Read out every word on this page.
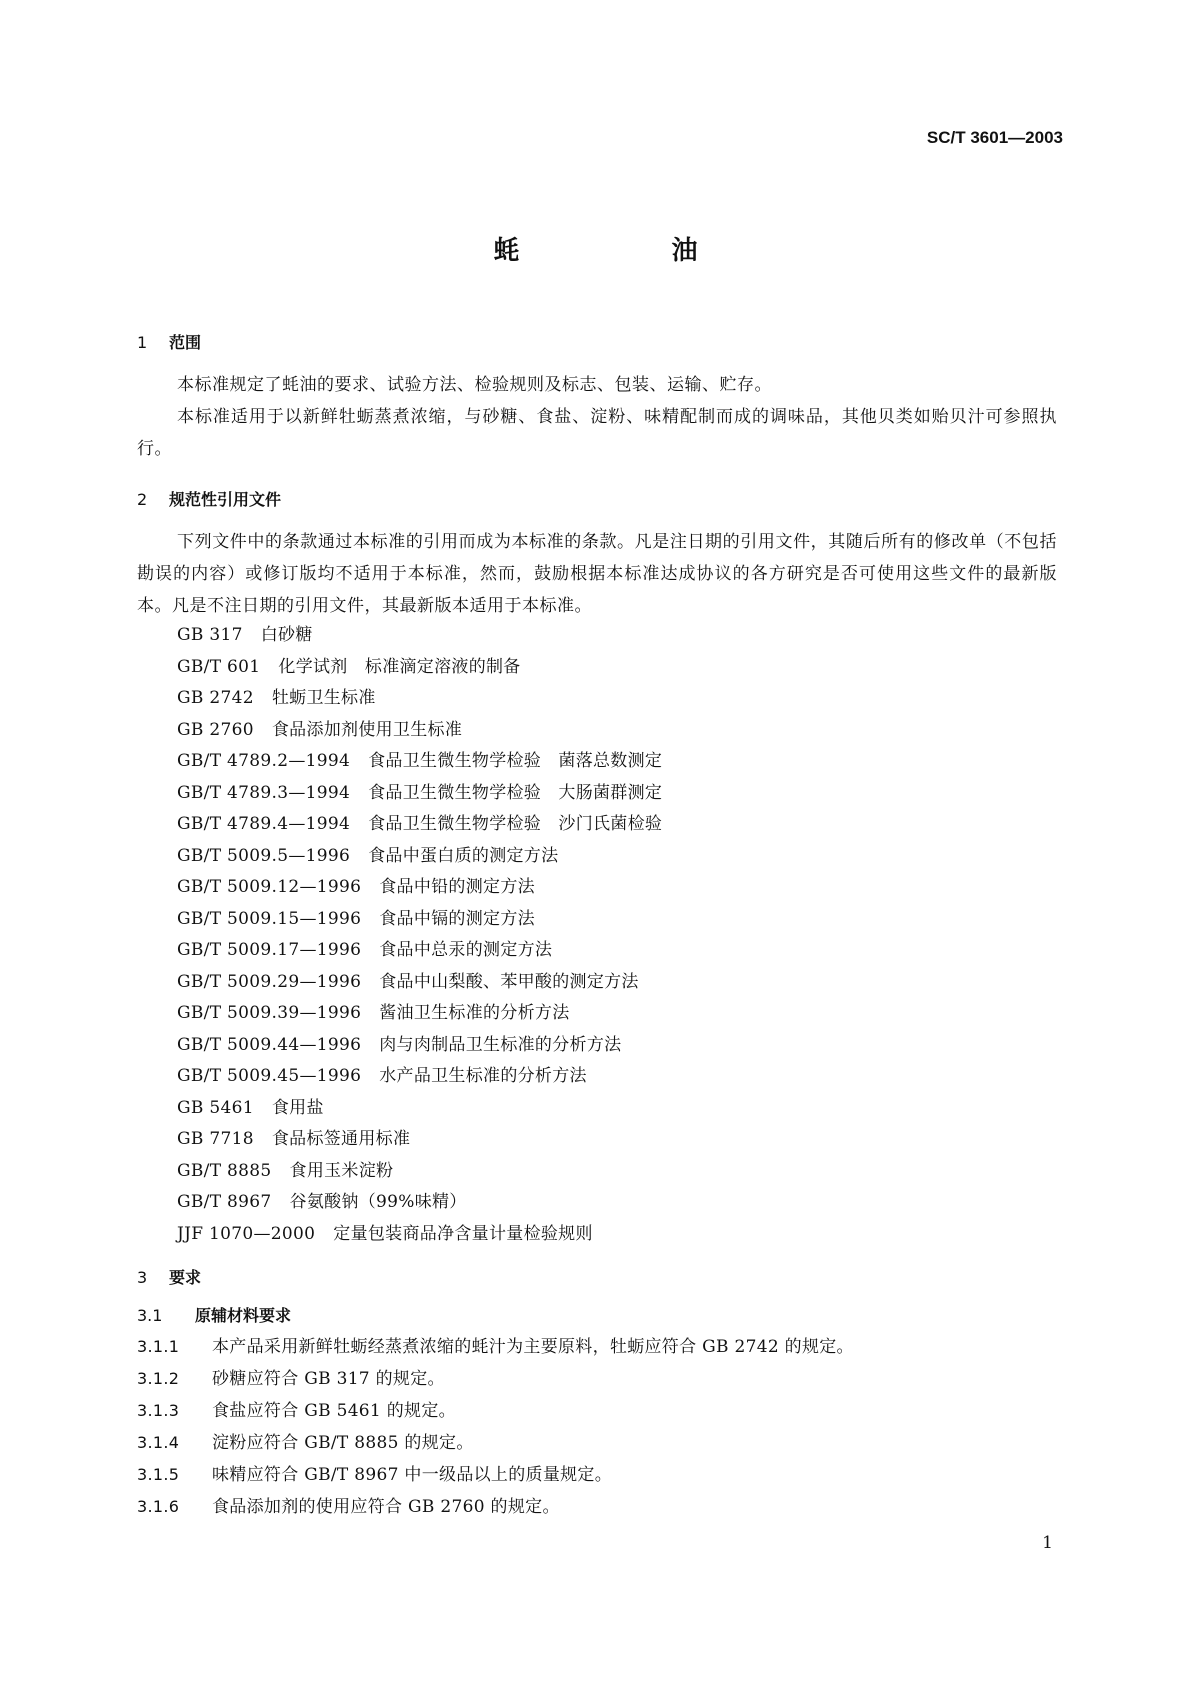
SC/T 3601—2003
蚝	油
1 范围
本标准规定了蚝油的要求、试验方法、检验规则及标志、包装、运输、贮存。
本标准适用于以新鲜牡蛎蒸煮浓缩，与砂糖、食盐、淀粉、味精配制而成的调味品，其他贝类如贻贝汁可参照执行。
2 规范性引用文件
下列文件中的条款通过本标准的引用而成为本标准的条款。凡是注日期的引用文件，其随后所有的修改单（不包括勘误的内容）或修订版均不适用于本标准，然而，鼓励根据本标准达成协议的各方研究是否可使用这些文件的最新版本。凡是不注日期的引用文件，其最新版本适用于本标准。
GB 317 白砂糖
GB/T 601 化学试剂　标准滴定溶液的制备
GB 2742 牡蛎卫生标准
GB 2760 食品添加剂使用卫生标准
GB/T 4789.2—1994 食品卫生微生物学检验　菌落总数测定
GB/T 4789.3—1994 食品卫生微生物学检验　大肠菌群测定
GB/T 4789.4—1994 食品卫生微生物学检验　沙门氏菌检验
GB/T 5009.5—1996 食品中蛋白质的测定方法
GB/T 5009.12—1996 食品中铅的测定方法
GB/T 5009.15—1996 食品中镉的测定方法
GB/T 5009.17—1996 食品中总汞的测定方法
GB/T 5009.29—1996 食品中山梨酸、苯甲酸的测定方法
GB/T 5009.39—1996 酱油卫生标准的分析方法
GB/T 5009.44—1996 肉与肉制品卫生标准的分析方法
GB/T 5009.45—1996 水产品卫生标准的分析方法
GB 5461 食用盐
GB 7718 食品标签通用标准
GB/T 8885 食用玉米淀粉
GB/T 8967 谷氨酸钠（99%味精）
JJF 1070—2000 定量包装商品净含量计量检验规则
3 要求
3.1 原辅材料要求
3.1.1 本产品采用新鲜牡蛎经蒸煮浓缩的蚝汁为主要原料，牡蛎应符合 GB 2742 的规定。
3.1.2 砂糖应符合 GB 317 的规定。
3.1.3 食盐应符合 GB 5461 的规定。
3.1.4 淀粉应符合 GB/T 8885 的规定。
3.1.5 味精应符合 GB/T 8967 中一级品以上的质量规定。
3.1.6 食品添加剂的使用应符合 GB 2760 的规定。
1
